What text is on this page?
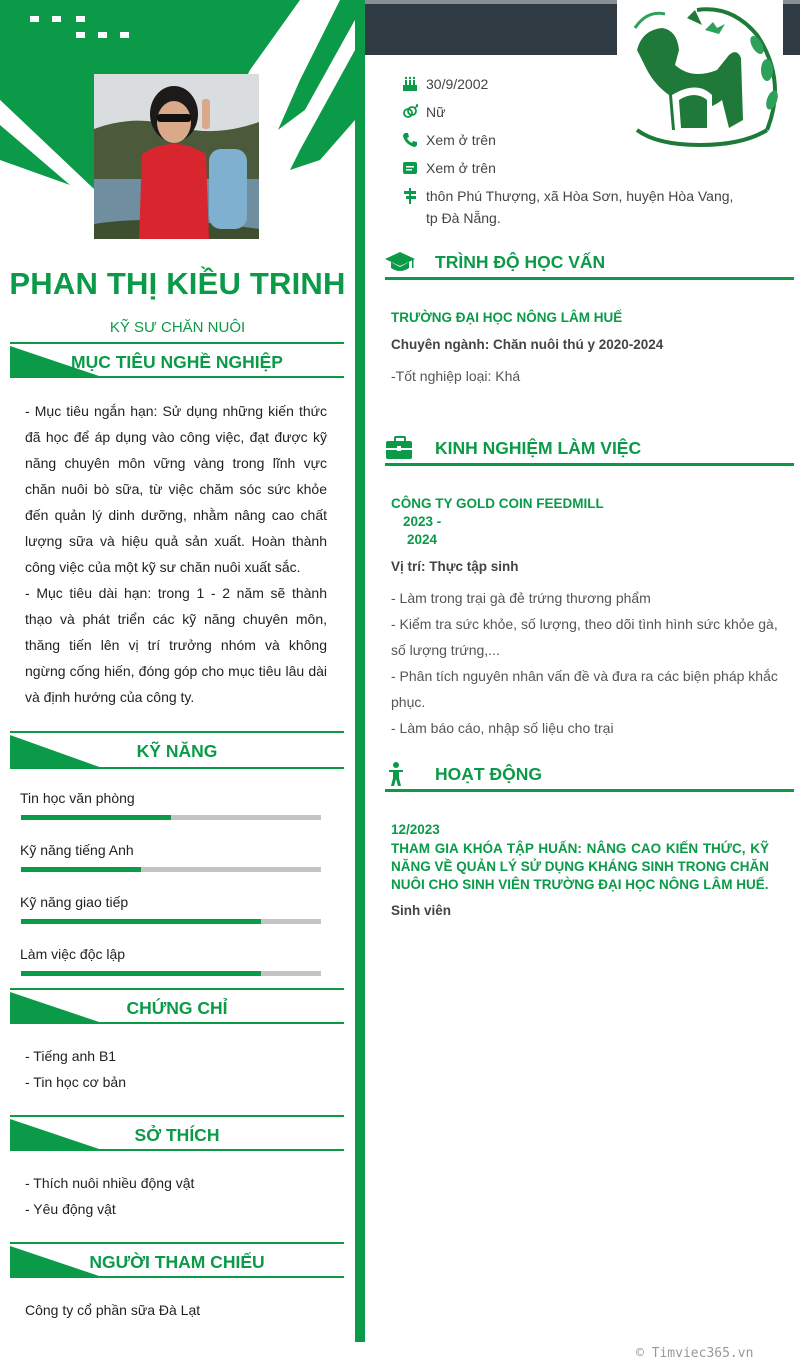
PHAN THỊ KIỀU TRINH
KỸ SƯ CHĂN NUÔI
MỤC TIÊU NGHỀ NGHIỆP
- Mục tiêu ngắn hạn: Sử dụng những kiến thức đã học để áp dụng vào công việc, đạt được kỹ năng chuyên môn vững vàng trong lĩnh vực chăn nuôi bò sữa, từ việc chăm sóc sức khỏe đến quản lý dinh dưỡng, nhằm nâng cao chất lượng sữa và hiệu quả sản xuất. Hoàn thành công việc của một kỹ sư chăn nuôi xuất sắc.
- Mục tiêu dài hạn: trong 1 - 2 năm sẽ thành thạo và phát triển các kỹ năng chuyên môn, thăng tiến lên vị trí trưởng nhóm và không ngừng cống hiến, đóng góp cho mục tiêu lâu dài và định hướng của công ty.
KỸ NĂNG
Tin học văn phòng
Kỹ năng tiếng Anh
Kỹ năng giao tiếp
Làm việc độc lập
CHỨNG CHỈ
- Tiếng anh B1
- Tin học cơ bản
SỞ THÍCH
- Thích nuôi nhiều động vật
- Yêu động vật
NGƯỜI THAM CHIẾU
Công ty cổ phần sữa Đà Lạt
30/9/2002
Nữ
Xem ở trên
Xem ở trên
thôn Phú Thượng, xã Hòa Sơn, huyện Hòa Vang,
tp Đà Nẵng.
TRÌNH ĐỘ HỌC VẤN
TRƯỜNG ĐẠI HỌC NÔNG LÂM HUẾ
Chuyên ngành: Chăn nuôi thú y 2020-2024
-Tốt nghiệp loại: Khá
KINH NGHIỆM LÀM VIỆC
CÔNG TY GOLD COIN FEEDMILL
2023 -
2024
Vị trí: Thực tập sinh
- Làm trong trại gà đẻ trứng thương phẩm
- Kiểm tra sức khỏe, số lượng, theo dõi tình hình sức khỏe gà, số lượng trứng,...
- Phân tích nguyên nhân vấn đề và đưa ra các biện pháp khắc phục.
- Làm báo cáo, nhập số liệu cho trại
HOẠT ĐỘNG
12/2023
THAM GIA KHÓA TẬP HUẤN: NÂNG CAO KIẾN THỨC, KỸ NĂNG VỀ QUẢN LÝ SỬ DỤNG KHÁNG SINH TRONG CHĂN NUÔI CHO SINH VIÊN TRƯỜNG ĐẠI HỌC NÔNG LÂM HUẾ.
Sinh viên
© Timviec365.vn
